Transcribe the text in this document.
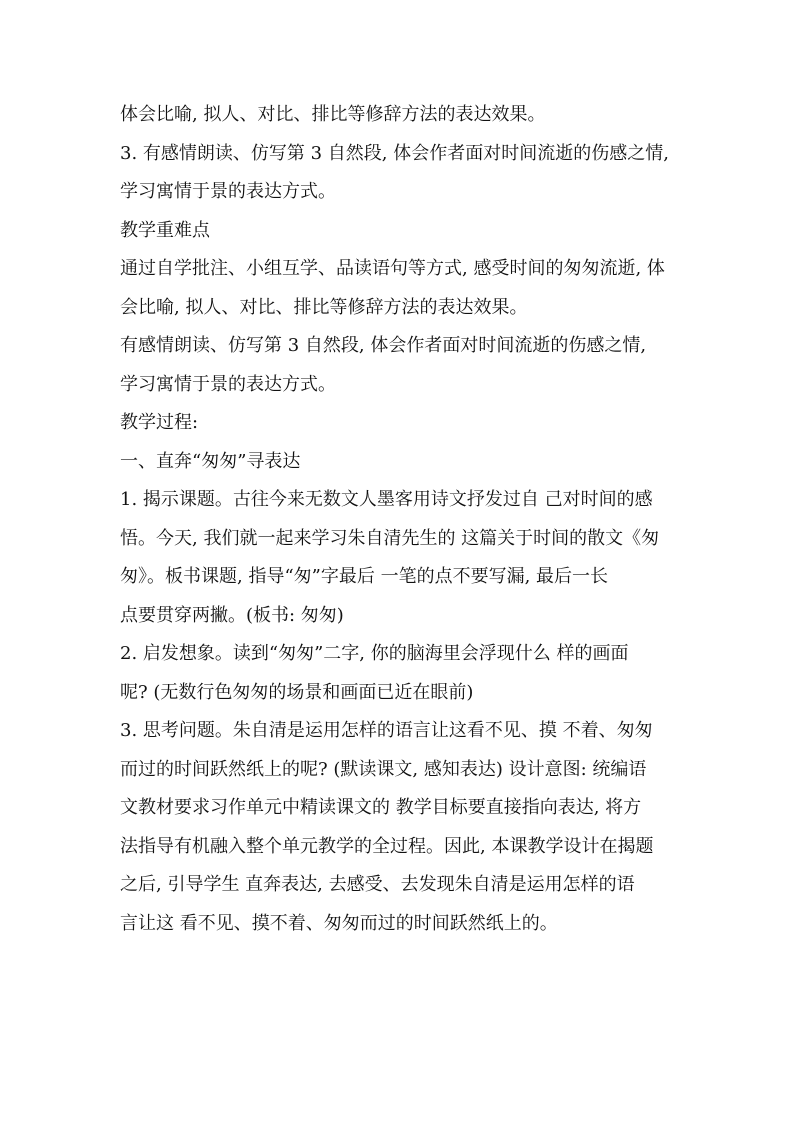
体会比喻, 拟人、对比、排比等修辞方法的表达效果。
3. 有感情朗读、仿写第 3 自然段, 体会作者面对时间流逝的伤感之情,
学习寓情于景的表达方式。
教学重难点
通过自学批注、小组互学、品读语句等方式, 感受时间的匆匆流逝, 体
会比喻, 拟人、对比、排比等修辞方法的表达效果。
有感情朗读、仿写第 3 自然段, 体会作者面对时间流逝的伤感之情,
学习寓情于景的表达方式。
教学过程:
一、直奔“匆匆”寻表达
1. 揭示课题。古往今来无数文人墨客用诗文抒发过自 己对时间的感
悟。今天, 我们就一起来学习朱自清先生的 这篇关于时间的散文《匆
匆》。板书课题, 指导“匆”字最后 一笔的点不要写漏, 最后一长
点要贯穿两撇。(板书: 匆匆)
2. 启发想象。读到“匆匆”二字, 你的脑海里会浮现什么 样的画面
呢? (无数行色匆匆的场景和画面已近在眼前)
3. 思考问题。朱自清是运用怎样的语言让这看不见、摸 不着、匆匆
而过的时间跃然纸上的呢? (默读课文, 感知表达) 设计意图: 统编语
文教材要求习作单元中精读课文的 教学目标要直接指向表达, 将方
法指导有机融入整个单元教学的全过程。因此, 本课教学设计在揭题
之后, 引导学生 直奔表达, 去感受、去发现朱自清是运用怎样的语
言让这 看不见、摸不着、匆匆而过的时间跃然纸上的。
